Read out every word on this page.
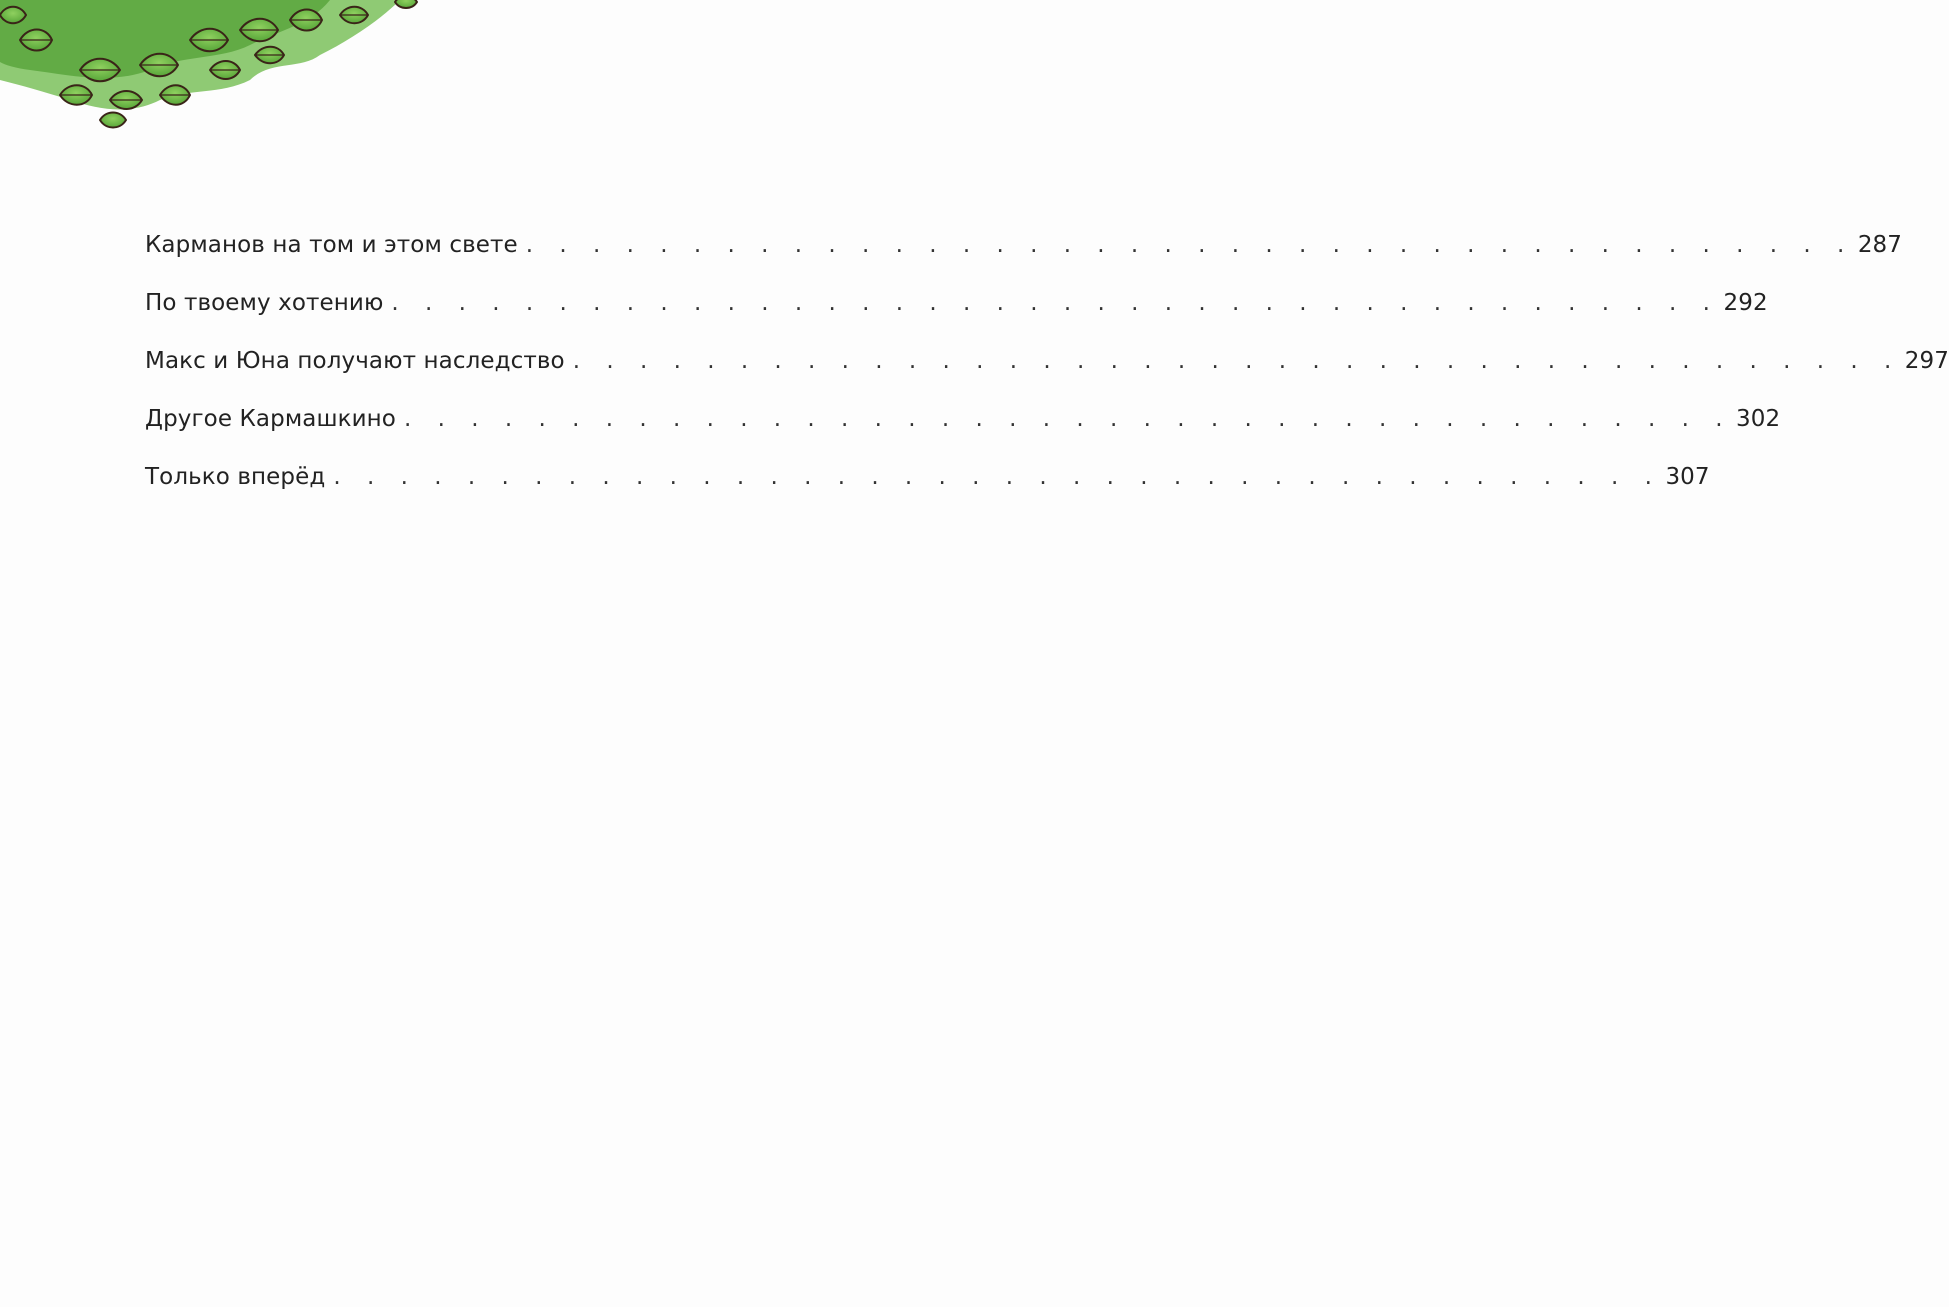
Карманов на том и этом свете . . . . . . . . . . . . . . . . . . . . . . . . . . . . . . . . . . . . . . . . 287
По твоему хотению . . . . . . . . . . . . . . . . . . . . . . . . . . . . . . . . . . . . . . . . 292
Макс и Юна получают наследство . . . . . . . . . . . . . . . . . . . . . . . . . . . . . . . . . . . . . . . . 297
Другое Кармашкино . . . . . . . . . . . . . . . . . . . . . . . . . . . . . . . . . . . . . . . . 302
Только вперёд . . . . . . . . . . . . . . . . . . . . . . . . . . . . . . . . . . . . . . . . 307
